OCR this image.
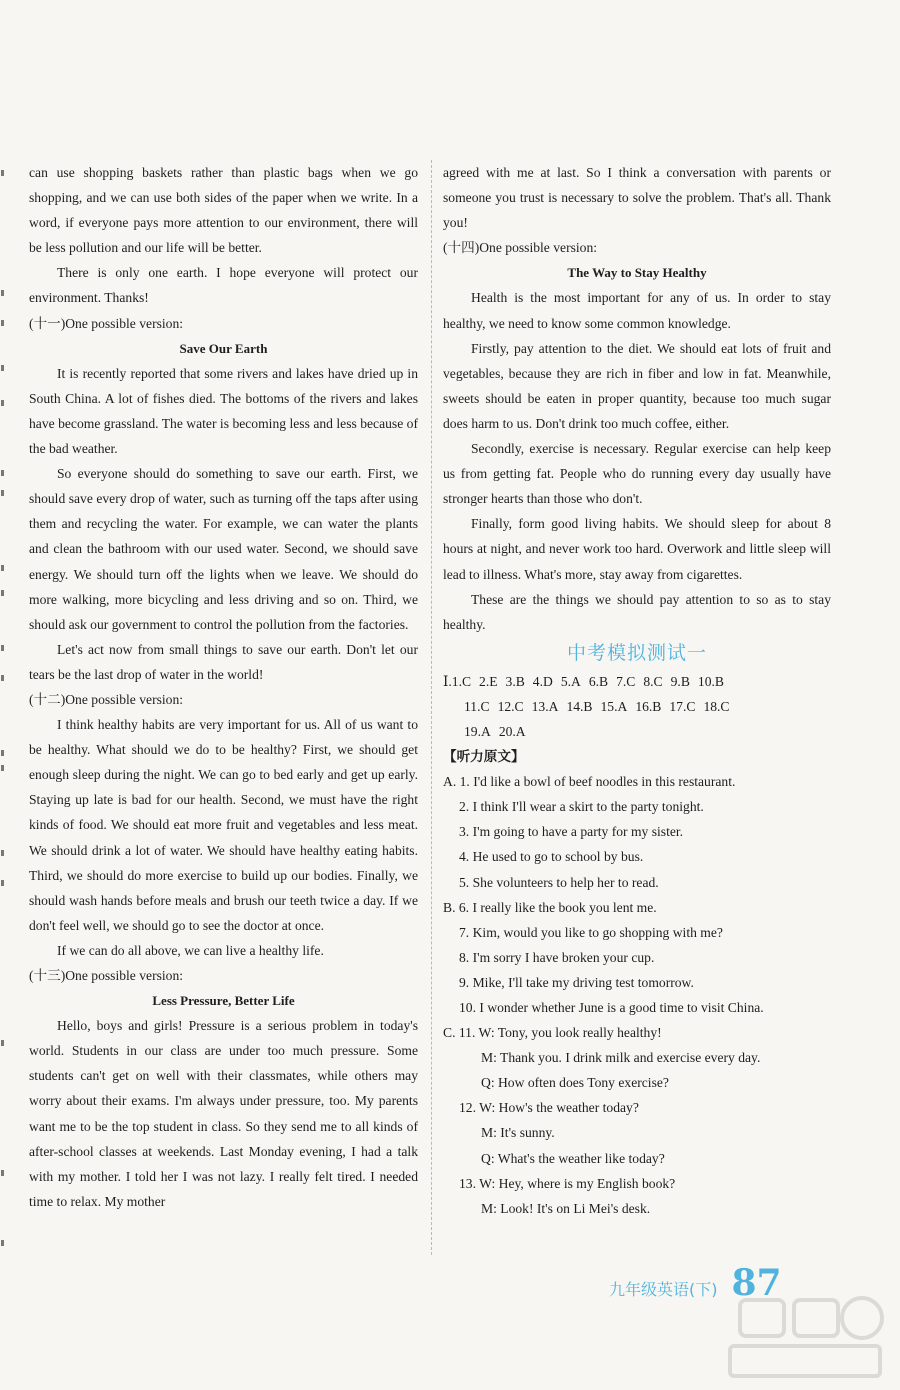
can use shopping baskets rather than plastic bags when we go shopping, and we can use both sides of the paper when we write. In a word, if everyone pays more attention to our environment, there will be less pollution and our life will be better.

There is only one earth. I hope everyone will protect our environment. Thanks!

(十一)One possible version:

Save Our Earth

It is recently reported that some rivers and lakes have dried up in South China. A lot of fishes died. The bottoms of the rivers and lakes have become grassland. The water is becoming less and less because of the bad weather.

So everyone should do something to save our earth. First, we should save every drop of water, such as turning off the taps after using them and recycling the water. For example, we can water the plants and clean the bathroom with our used water. Second, we should save energy. We should turn off the lights when we leave. We should do more walking, more bicycling and less driving and so on. Third, we should ask our government to control the pollution from the factories.

Let's act now from small things to save our earth. Don't let our tears be the last drop of water in the world!

(十二)One possible version:

I think healthy habits are very important for us. All of us want to be healthy. What should we do to be healthy? First, we should get enough sleep during the night. We can go to bed early and get up early. Staying up late is bad for our health. Second, we must have the right kinds of food. We should eat more fruit and vegetables and less meat. We should drink a lot of water. We should have healthy eating habits. Third, we should do more exercise to build up our bodies. Finally, we should wash hands before meals and brush our teeth twice a day. If we don't feel well, we should go to see the doctor at once.

If we can do all above, we can live a healthy life.

(十三)One possible version:

Less Pressure, Better Life

Hello, boys and girls! Pressure is a serious problem in today's world. Students in our class are under too much pressure. Some students can't get on well with their classmates, while others may worry about their exams. I'm always under pressure, too. My parents want me to be the top student in class. So they send me to all kinds of after-school classes at weekends. Last Monday evening, I had a talk with my mother. I told her I was not lazy. I really felt tired. I needed time to relax. My mother

agreed with me at last. So I think a conversation with parents or someone you trust is necessary to solve the problem. That's all. Thank you!

(十四)One possible version:

The Way to Stay Healthy

Health is the most important for any of us. In order to stay healthy, we need to know some common knowledge.

Firstly, pay attention to the diet. We should eat lots of fruit and vegetables, because they are rich in fiber and low in fat. Meanwhile, sweets should be eaten in proper quantity, because too much sugar does harm to us. Don't drink too much coffee, either.

Secondly, exercise is necessary. Regular exercise can help keep us from getting fat. People who do running every day usually have stronger hearts than those who don't.

Finally, form good living habits. We should sleep for about 8 hours at night, and never work too hard. Overwork and little sleep will lead to illness. What's more, stay away from cigarettes.

These are the things we should pay attention to so as to stay healthy.

中考模拟测试一

Ⅰ.1.C 2.E 3.B 4.D 5.A 6.B 7.C 8.C 9.B 10.B

11.C 12.C 13.A 14.B 15.A 16.B 17.C 18.C

19.A 20.A

【听力原文】

A. 1. I'd like a bowl of beef noodles in this restaurant.

2. I think I'll wear a skirt to the party tonight.

3. I'm going to have a party for my sister.

4. He used to go to school by bus.

5. She volunteers to help her to read.

B. 6. I really like the book you lent me.

7. Kim, would you like to go shopping with me?

8. I'm sorry I have broken your cup.

9. Mike, I'll take my driving test tomorrow.

10. I wonder whether June is a good time to visit China.

C. 11. W: Tony, you look really healthy!

M: Thank you. I drink milk and exercise every day.

Q: How often does Tony exercise?

12. W: How's the weather today?

M: It's sunny.

Q: What's the weather like today?

13. W: Hey, where is my English book?

M: Look! It's on Li Mei's desk.

九年级英语(下) 87
